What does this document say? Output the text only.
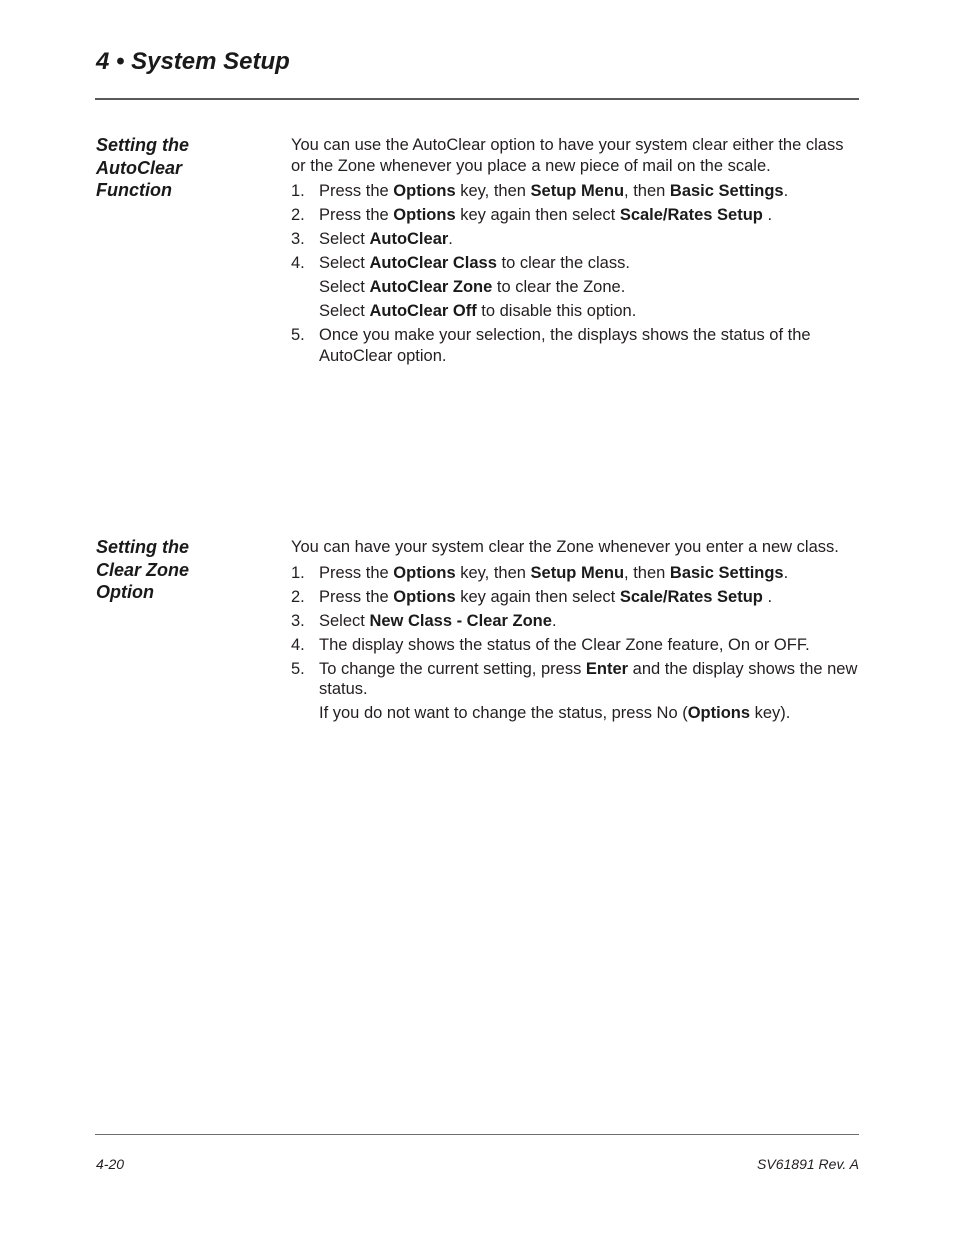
4 • System Setup
Setting the
AutoClear
Function

You can use the AutoClear option to have your system clear either the class or the Zone whenever you place a new piece of mail on the scale.

1. Press the Options key, then Setup Menu, then Basic Settings.
2. Press the Options key again then select Scale/Rates Setup .
3. Select AutoClear.
4. Select AutoClear Class to clear the class.
Select AutoClear Zone to clear the Zone.
Select AutoClear Off to disable this option.
5. Once you make your selection, the displays shows the status of the AutoClear option.
Setting the
Clear Zone
Option

You can have your system clear the Zone whenever you enter a new class.

1. Press the Options key, then Setup Menu, then Basic Settings.
2. Press the Options key again then select Scale/Rates Setup .
3. Select New Class - Clear Zone.
4. The display shows the status of the Clear Zone feature, On or OFF.
5. To change the current setting, press Enter and the display shows the new status.
If you do not want to change the status, press No (Options key).
4-20	SV61891 Rev. A
